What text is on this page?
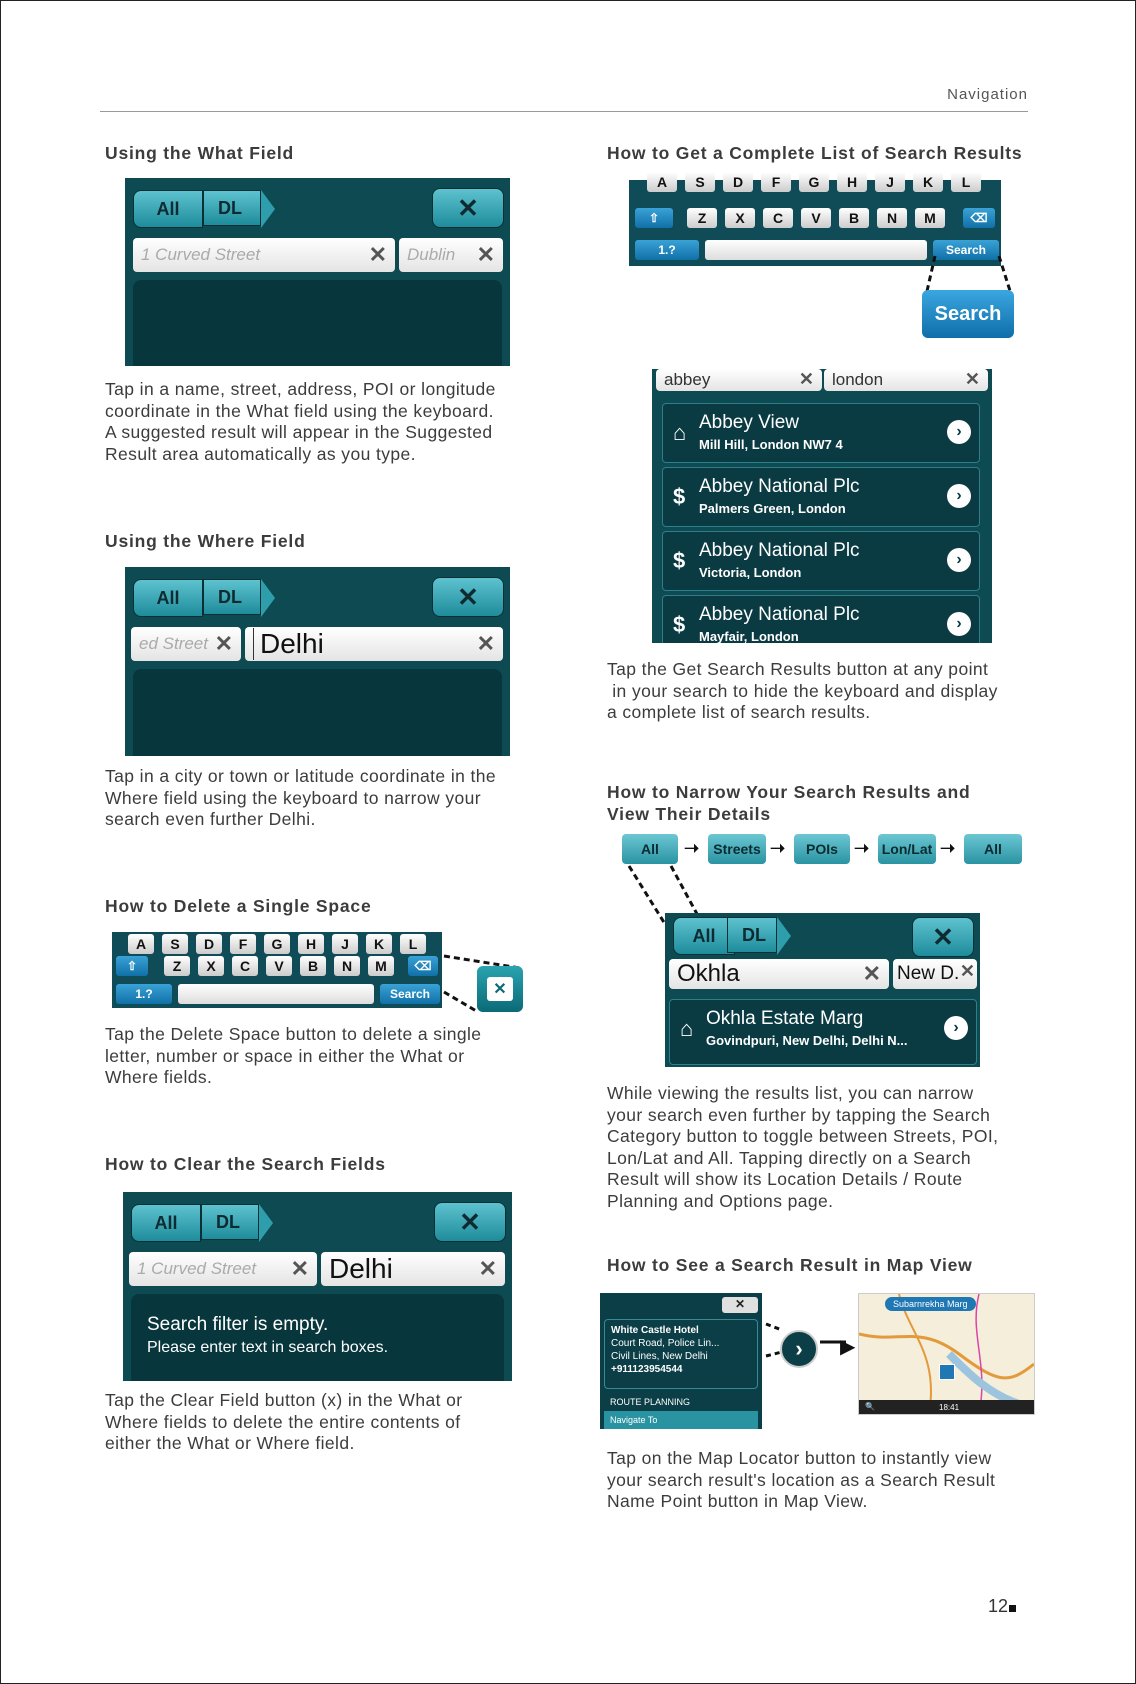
Navigation
Using the What Field
All	DL	✕
1 Curved Street	✕ Dublin ✕
Tap in a name, street, address, POI or longitude
coordinate in the What field using the keyboard.
A suggested result will appear in the Suggested
Result area automatically as you type.
Using the Where Field
All	DL	✕
ed Street ✕ Delhi	✕
Tap in a city or town or latitude coordinate in the
Where field using the keyboard to narrow your
search even further Delhi.
How to Delete a Single Space
A	S	D	F	G	H	J	K	L
⇧	Z	X	C	V	B	N	M	⌫
1.?	Search	✕
Tap the Delete Space button to delete a single
letter, number or space in either the What or
Where fields.
How to Clear the Search Fields
All	DL	✕
1 Curved Street ✕ Delhi	✕
Search filter is empty.
Please enter text in search boxes.
Tap the Clear Field button (x) in the What or
Where fields to delete the entire contents of
either the What or Where field.
How to Get a Complete List of Search Results
A	S	D	F	G	H	J	K	L
⇧	Z	X	C	V	B	N	M	⌫
1.?	Search
Search
abbey	✕ london	✕
⌂ Abbey View
Mill Hill, London NW7 4
›
$ Abbey National Plc
Palmers Green, London
›
$ Abbey National Plc
Victoria, London
›
$ Abbey National Plc
Mayfair, London
›
Tap the Get Search Results button at any point
in your search to hide the keyboard and display
a complete list of search results.
How to Narrow Your Search Results and
View Their Details
All	➝	Streets ➝	POIs ➝ Lon/Lat ➝	All
All	DL	✕
Okhla	✕ New D. ✕
⌂ Okhla Estate Marg
Govindpuri, New Delhi, Delhi N...
›
While viewing the results list, you can narrow
your search even further by tapping the Search
Category button to toggle between Streets, POI,
Lon/Lat and All. Tapping directly on a Search
Result will show its Location Details / Route
Planning and Options page.
How to See a Search Result in Map View
✕
White Castle Hotel
Court Road, Police Lin...
Civil Lines, New Delhi
+911123954544
ROUTE PLANNING
Navigate To
›	▶
Subarnrekha Marg
🔍	18:41
Tap on the Map Locator button to instantly view
your search result's location as a Search Result
Name Point button in Map View.
12
